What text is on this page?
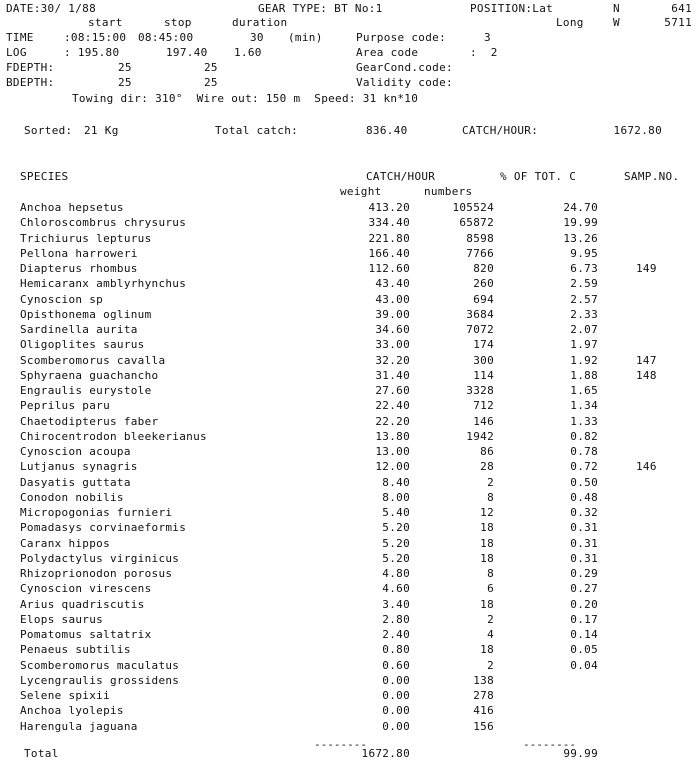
DATE:30/ 1/88	GEAR TYPE: BT No:1	POSITION:Lat	N	641
start	stop	duration	Long	W	5711
TIME	:08:15:00 08:45:00	30 (min)	Purpose code:	3
LOG	: 195.80	197.40 1.60	Area code	:  2
FDEPTH:	25	25	GearCond.code:
BDEPTH:	25	25	Validity code:
Towing dir: 310°  Wire out: 150 m  Speed: 31 kn*10
Sorted: 21 Kg	Total catch:	836.40	CATCH/HOUR:	1672.80
SPECIES	CATCH/HOUR	% OF TOT. C	SAMP.NO.
weight	numbers
Anchoa hepsetus	413.20	105524	24.70
Chloroscombrus chrysurus	334.40	65872	19.99
Trichiurus lepturus	221.80	8598	13.26
Pellona harroweri	166.40	7766	9.95
Diapterus rhombus	112.60	820	6.73	149
Hemicaranx amblyrhynchus	43.40	260	2.59
Cynoscion sp	43.00	694	2.57
Opisthonema oglinum	39.00	3684	2.33
Sardinella aurita	34.60	7072	2.07
Oligoplites saurus	33.00	174	1.97
Scomberomorus cavalla	32.20	300	1.92	147
Sphyraena guachancho	31.40	114	1.88	148
Engraulis eurystole	27.60	3328	1.65
Peprilus paru	22.40	712	1.34
Chaetodipterus faber	22.20	146	1.33
Chirocentrodon bleekerianus	13.80	1942	0.82
Cynoscion acoupa	13.00	86	0.78
Lutjanus synagris	12.00	28	0.72	146
Dasyatis guttata	8.40	2	0.50
Conodon nobilis	8.00	8	0.48
Micropogonias furnieri	5.40	12	0.32
Pomadasys corvinaeformis	5.20	18	0.31
Caranx hippos	5.20	18	0.31
Polydactylus virginicus	5.20	18	0.31
Rhizoprionodon porosus	4.80	8	0.29
Cynoscion virescens	4.60	6	0.27
Arius quadriscutis	3.40	18	0.20
Elops saurus	2.80	2	0.17
Pomatomus saltatrix	2.40	4	0.14
Penaeus subtilis	0.80	18	0.05
Scomberomorus maculatus	0.60	2	0.04
Lycengraulis grossidens	0.00	138
Selene spixii	0.00	278
Anchoa lyolepis	0.00	416
Harengula jaguana	0.00	156
--------	--------
Total	1672.80	99.99
